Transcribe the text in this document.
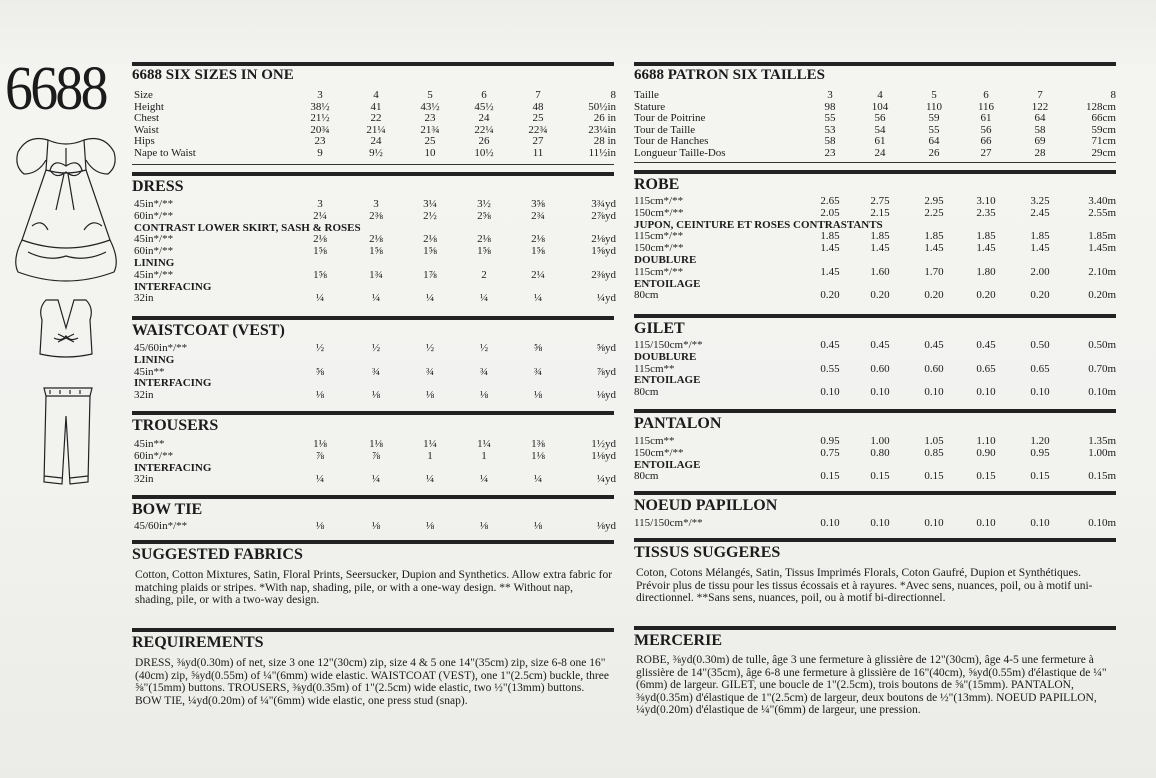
6688 6688 SIX SIZES IN ONE
DRESS
WAISTCOAT (VEST)
TROUSERS
BOW TIE
SUGGESTED FABRICS
Cotton, Cotton Mixtures, Satin, Floral Prints, Seersucker, Dupion and Synthetics. Allow extra fabric for matching plaids or stripes. *With nap, shading, pile, or with a one-way design. ** Without nap, shading, pile, or with a two-way design.
REQUIREMENTS
DRESS, ⅜yd(0.30m) of net, size 3 one 12"(30cm) zip, size 4 & 5 one 14"(35cm) zip, size 6-8 one 16"(40cm) zip, ⅝yd(0.55m) of ¼"(6mm) wide elastic. WAISTCOAT (VEST), one 1"(2.5cm) buckle, three ⅝"(15mm) buttons. TROUSERS, ⅜yd(0.35m) of 1"(2.5cm) wide elastic, two ½"(13mm) buttons. BOW TIE, ¼yd(0.20m) of ¼"(6mm) wide elastic, one press stud (snap).
6688 PATRON SIX TAILLES
ROBE
GILET
PANTALON
NOEUD PAPILLON
TISSUS SUGGERES
Coton, Cotons Mélangés, Satin, Tissus Imprimés Florals, Coton Gaufré, Dupion et Synthétiques. Prévoir plus de tissu pour les tissus écossais et à rayures. *Avec sens, nuances, poil, ou à motif uni-directionnel. **Sans sens, nuances, poil, ou à motif bi-directionnel.
MERCERIE
ROBE, ⅜yd(0.30m) de tulle, âge 3 une fermeture à glissière de 12"(30cm), âge 4-5 une fermeture à glissière de 14"(35cm), âge 6-8 une fermeture à glissière de 16"(40cm), ⅝yd(0.55m) d'élastique de ¼"(6mm) de largeur. GILET, une boucle de 1"(2.5cm), trois boutons de ⅝"(15mm). PANTALON, ⅜yd(0.35m) d'élastique de 1"(2.5cm) de largeur, deux boutons de ½"(13mm). NOEUD PAPILLON, ¼yd(0.20m) d'élastique de ¼"(6mm) de largeur, une pression.
Size	3	4	5	6	7	8
Height	38½	41	43½	45½	48	50½in
Chest	21½	22	23	24	25	26 in
Waist	20¾	21¼	21¾	22¼	22¾	23¼in
Hips	23	24	25	26	27	28 in
Nape to Waist	9	9½	10	10½	11	11½in
45in*/**	3	3	3¼	3½	3⅝	3¾yd
60in*/**	2¼	2⅜	2½	2⅝	2¾	2⅞yd
CONTRAST LOWER SKIRT, SASH & ROSES
45in*/**	2⅛	2⅛	2⅛	2⅛	2⅛	2⅛yd
60in*/**	1⅝	1⅝	1⅝	1⅝	1⅝	1⅝yd
LINING
45in*/**	1⅝	1¾	1⅞	2	2¼	2⅜yd
INTERFACING
32in	¼	¼	¼	¼	¼	¼yd
45/60in*/**	½	½	½	½	⅝	⅝yd
LINING
45in**	⅝	¾	¾	¾	¾	⅞yd
INTERFACING
32in	⅛	⅛	⅛	⅛	⅛	⅛yd
45in**	1⅛	1⅛	1¼	1¼	1⅜	1½yd
60in*/**	⅞	⅞	1	1	1⅛	1⅛yd
INTERFACING
32in	¼	¼	¼	¼	¼	¼yd
45/60in*/**	⅛	⅛	⅛	⅛	⅛	⅛yd
Taille	3	4	5	6	7	8
Stature	98	104	110	116	122	128cm
Tour de Poitrine	55	56	59	61	64	66cm
Tour de Taille	53	54	55	56	58	59cm
Tour de Hanches	58	61	64	66	69	71cm
Longueur Taille-Dos	23	24	26	27	28	29cm
115cm*/**	2.65	2.75	2.95	3.10	3.25	3.40m
150cm*/**	2.05	2.15	2.25	2.35	2.45	2.55m
JUPON, CEINTURE ET ROSES CONTRASTANTS
115cm*/**	1.85	1.85	1.85	1.85	1.85	1.85m
150cm*/**	1.45	1.45	1.45	1.45	1.45	1.45m
DOUBLURE
115cm*/**	1.45	1.60	1.70	1.80	2.00	2.10m
ENTOILAGE
80cm	0.20	0.20	0.20	0.20	0.20	0.20m
115/150cm*/**	0.45	0.45	0.45	0.45	0.50	0.50m
DOUBLURE
115cm**	0.55	0.60	0.60	0.65	0.65	0.70m
ENTOILAGE
80cm	0.10	0.10	0.10	0.10	0.10	0.10m
115cm**	0.95	1.00	1.05	1.10	1.20	1.35m
150cm*/**	0.75	0.80	0.85	0.90	0.95	1.00m
ENTOILAGE
80cm	0.15	0.15	0.15	0.15	0.15	0.15m
115/150cm*/**	0.10	0.10	0.10	0.10	0.10	0.10m
